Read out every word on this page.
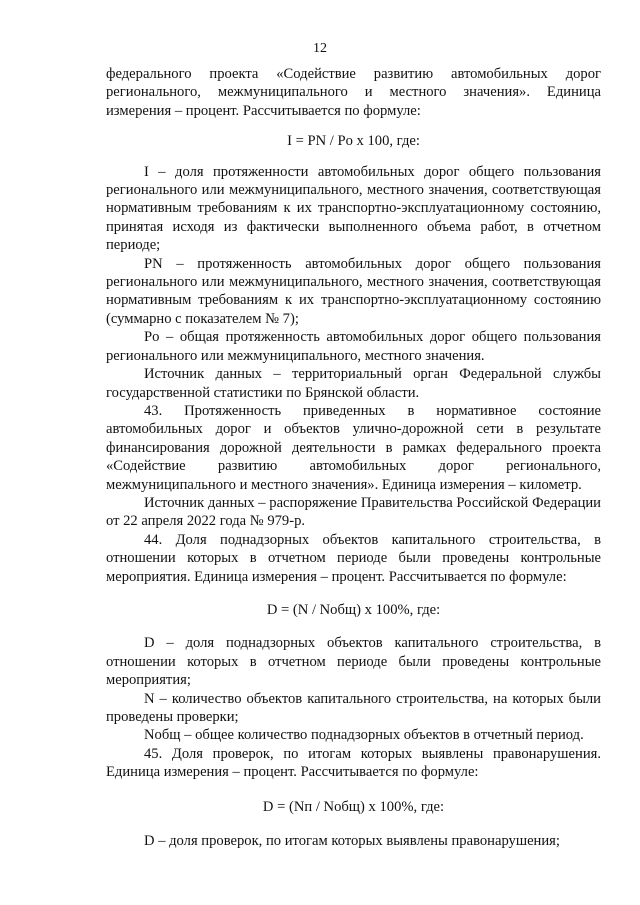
12

федерального проекта «Содействие развитию автомобильных дорог регионального, межмуниципального и местного значения». Единица измерения – процент. Рассчитывается по формуле:

I = PN / Po x 100, где:

I – доля протяженности автомобильных дорог общего пользования регионального или межмуниципального, местного значения, соответствующая нормативным требованиям к их транспортно-эксплуатационному состоянию, принятая исходя из фактически выполненного объема работ, в отчетном периоде;

PN – протяженность автомобильных дорог общего пользования регионального или межмуниципального, местного значения, соответствующая нормативным требованиям к их транспортно-эксплуатационному состоянию (суммарно с показателем № 7);

Po – общая протяженность автомобильных дорог общего пользования регионального или межмуниципального, местного значения.

Источник данных – территориальный орган Федеральной службы государственной статистики по Брянской области.

43. Протяженность приведенных в нормативное состояние автомобильных дорог и объектов улично-дорожной сети в результате финансирования дорожной деятельности в рамках федерального проекта «Содействие развитию автомобильных дорог регионального, межмуниципального и местного значения». Единица измерения – километр.

Источник данных – распоряжение Правительства Российской Федерации от 22 апреля 2022 года № 979-р.

44. Доля поднадзорных объектов капитального строительства, в отношении которых в отчетном периоде были проведены контрольные мероприятия. Единица измерения – процент. Рассчитывается по формуле:

D = (N / Nобщ) x 100%, где:

D – доля поднадзорных объектов капитального строительства, в отношении которых в отчетном периоде были проведены контрольные мероприятия;

N – количество объектов капитального строительства, на которых были проведены проверки;

Nобщ – общее количество поднадзорных объектов в отчетный период.

45. Доля проверок, по итогам которых выявлены правонарушения. Единица измерения – процент. Рассчитывается по формуле:

D = (Nп / Nобщ) x 100%, где:

D – доля проверок, по итогам которых выявлены правонарушения;
